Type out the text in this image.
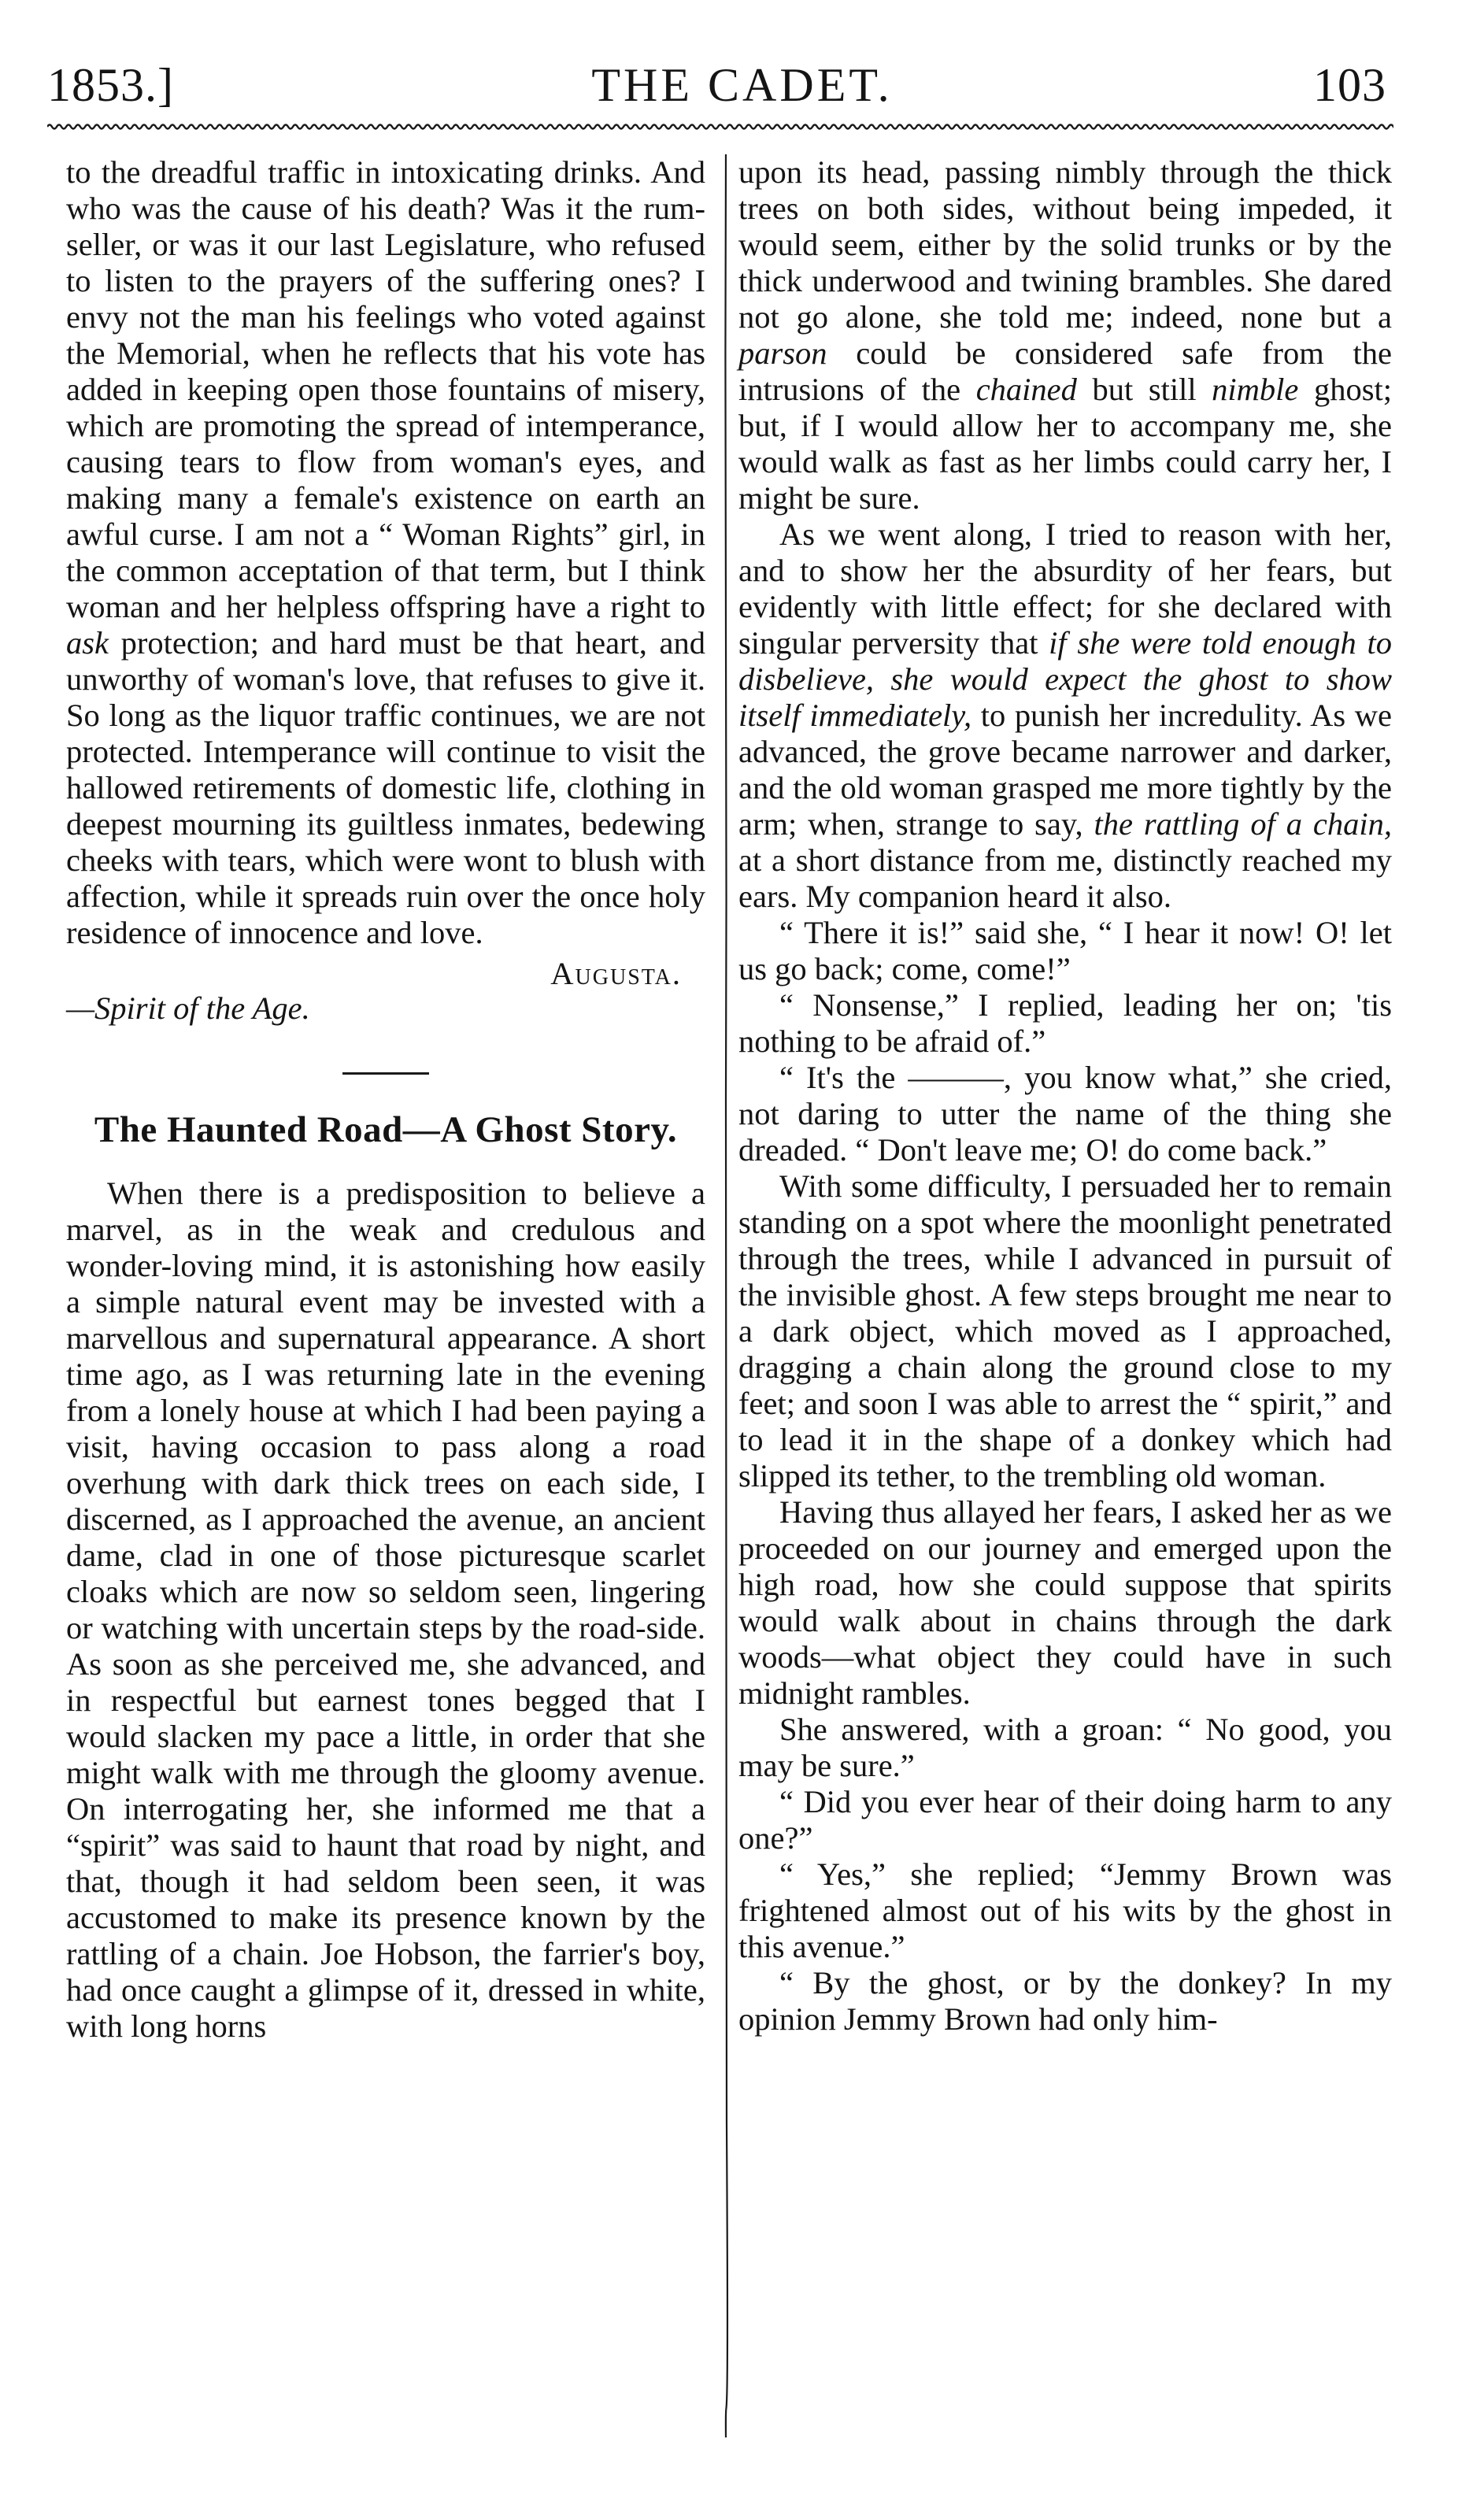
THE CADET.
1853.]	103

to the dreadful traffic in intoxicating drinks. And who was the cause of his death? Was it the rum-seller, or was it our last Legislature, who refused to listen to the prayers of the suffering ones? I envy not the man his feelings who voted against the Memorial, when he reflects that his vote has added in keeping open those fountains of misery, which are promoting the spread of intemperance, causing tears to flow from woman's eyes, and making many a female's existence on earth an awful curse. I am not a “ Woman Rights” girl, in the common acceptation of that term, but I think woman and her helpless offspring have a right to ask protection; and hard must be that heart, and unworthy of woman's love, that refuses to give it. So long as the liquor traffic continues, we are not protected. Intemperance will continue to visit the hallowed retirements of domestic life, clothing in deepest mourning its guiltless inmates, bedewing cheeks with tears, which were wont to blush with affection, while it spreads ruin over the once holy residence of innocence and love.

Augusta.
—Spirit of the Age.
The Haunted Road—A Ghost Story.

When there is a predisposition to believe a marvel, as in the weak and credulous and wonder-loving mind, it is astonishing how easily a simple natural event may be invested with a marvellous and supernatural appearance. A short time ago, as I was returning late in the evening from a lonely house at which I had been paying a visit, having occasion to pass along a road overhung with dark thick trees on each side, I discerned, as I approached the avenue, an ancient dame, clad in one of those picturesque scarlet cloaks which are now so seldom seen, lingering or watching with uncertain steps by the road-side. As soon as she perceived me, she advanced, and in respectful but earnest tones begged that I would slacken my pace a little, in order that she might walk with me through the gloomy avenue. On interrogating her, she informed me that a “spirit” was said to haunt that road by night, and that, though it had seldom been seen, it was accustomed to make its presence known by the rattling of a chain. Joe Hobson, the farrier's boy, had once caught a glimpse of it, dressed in white, with long horns

upon its head, passing nimbly through the thick trees on both sides, without being impeded, it would seem, either by the solid trunks or by the thick underwood and twining brambles. She dared not go alone, she told me; indeed, none but a parson could be considered safe from the intrusions of the chained but still nimble ghost; but, if I would allow her to accompany me, she would walk as fast as her limbs could carry her, I might be sure.

As we went along, I tried to reason with her, and to show her the absurdity of her fears, but evidently with little effect; for she declared with singular perversity that if she were told enough to disbelieve, she would expect the ghost to show itself immediately, to punish her incredulity. As we advanced, the grove became narrower and darker, and the old woman grasped me more tightly by the arm; when, strange to say, the rattling of a chain, at a short distance from me, distinctly reached my ears. My companion heard it also.

“ There it is!” said she, “ I hear it now! O! let us go back; come, come!”

“ Nonsense,” I replied, leading her on; 'tis nothing to be afraid of.”

“ It's the ———, you know what,” she cried, not daring to utter the name of the thing she dreaded. “ Don't leave me; O! do come back.”

With some difficulty, I persuaded her to remain standing on a spot where the moonlight penetrated through the trees, while I advanced in pursuit of the invisible ghost. A few steps brought me near to a dark object, which moved as I approached, dragging a chain along the ground close to my feet; and soon I was able to arrest the “ spirit,” and to lead it in the shape of a donkey which had slipped its tether, to the trembling old woman.

Having thus allayed her fears, I asked her as we proceeded on our journey and emerged upon the high road, how she could suppose that spirits would walk about in chains through the dark woods—what object they could have in such midnight rambles.

She answered, with a groan: “ No good, you may be sure.”

“ Did you ever hear of their doing harm to any one?”

“ Yes,” she replied; “Jemmy Brown was frightened almost out of his wits by the ghost in this avenue.”

“ By the ghost, or by the donkey? In my opinion Jemmy Brown had only him-
